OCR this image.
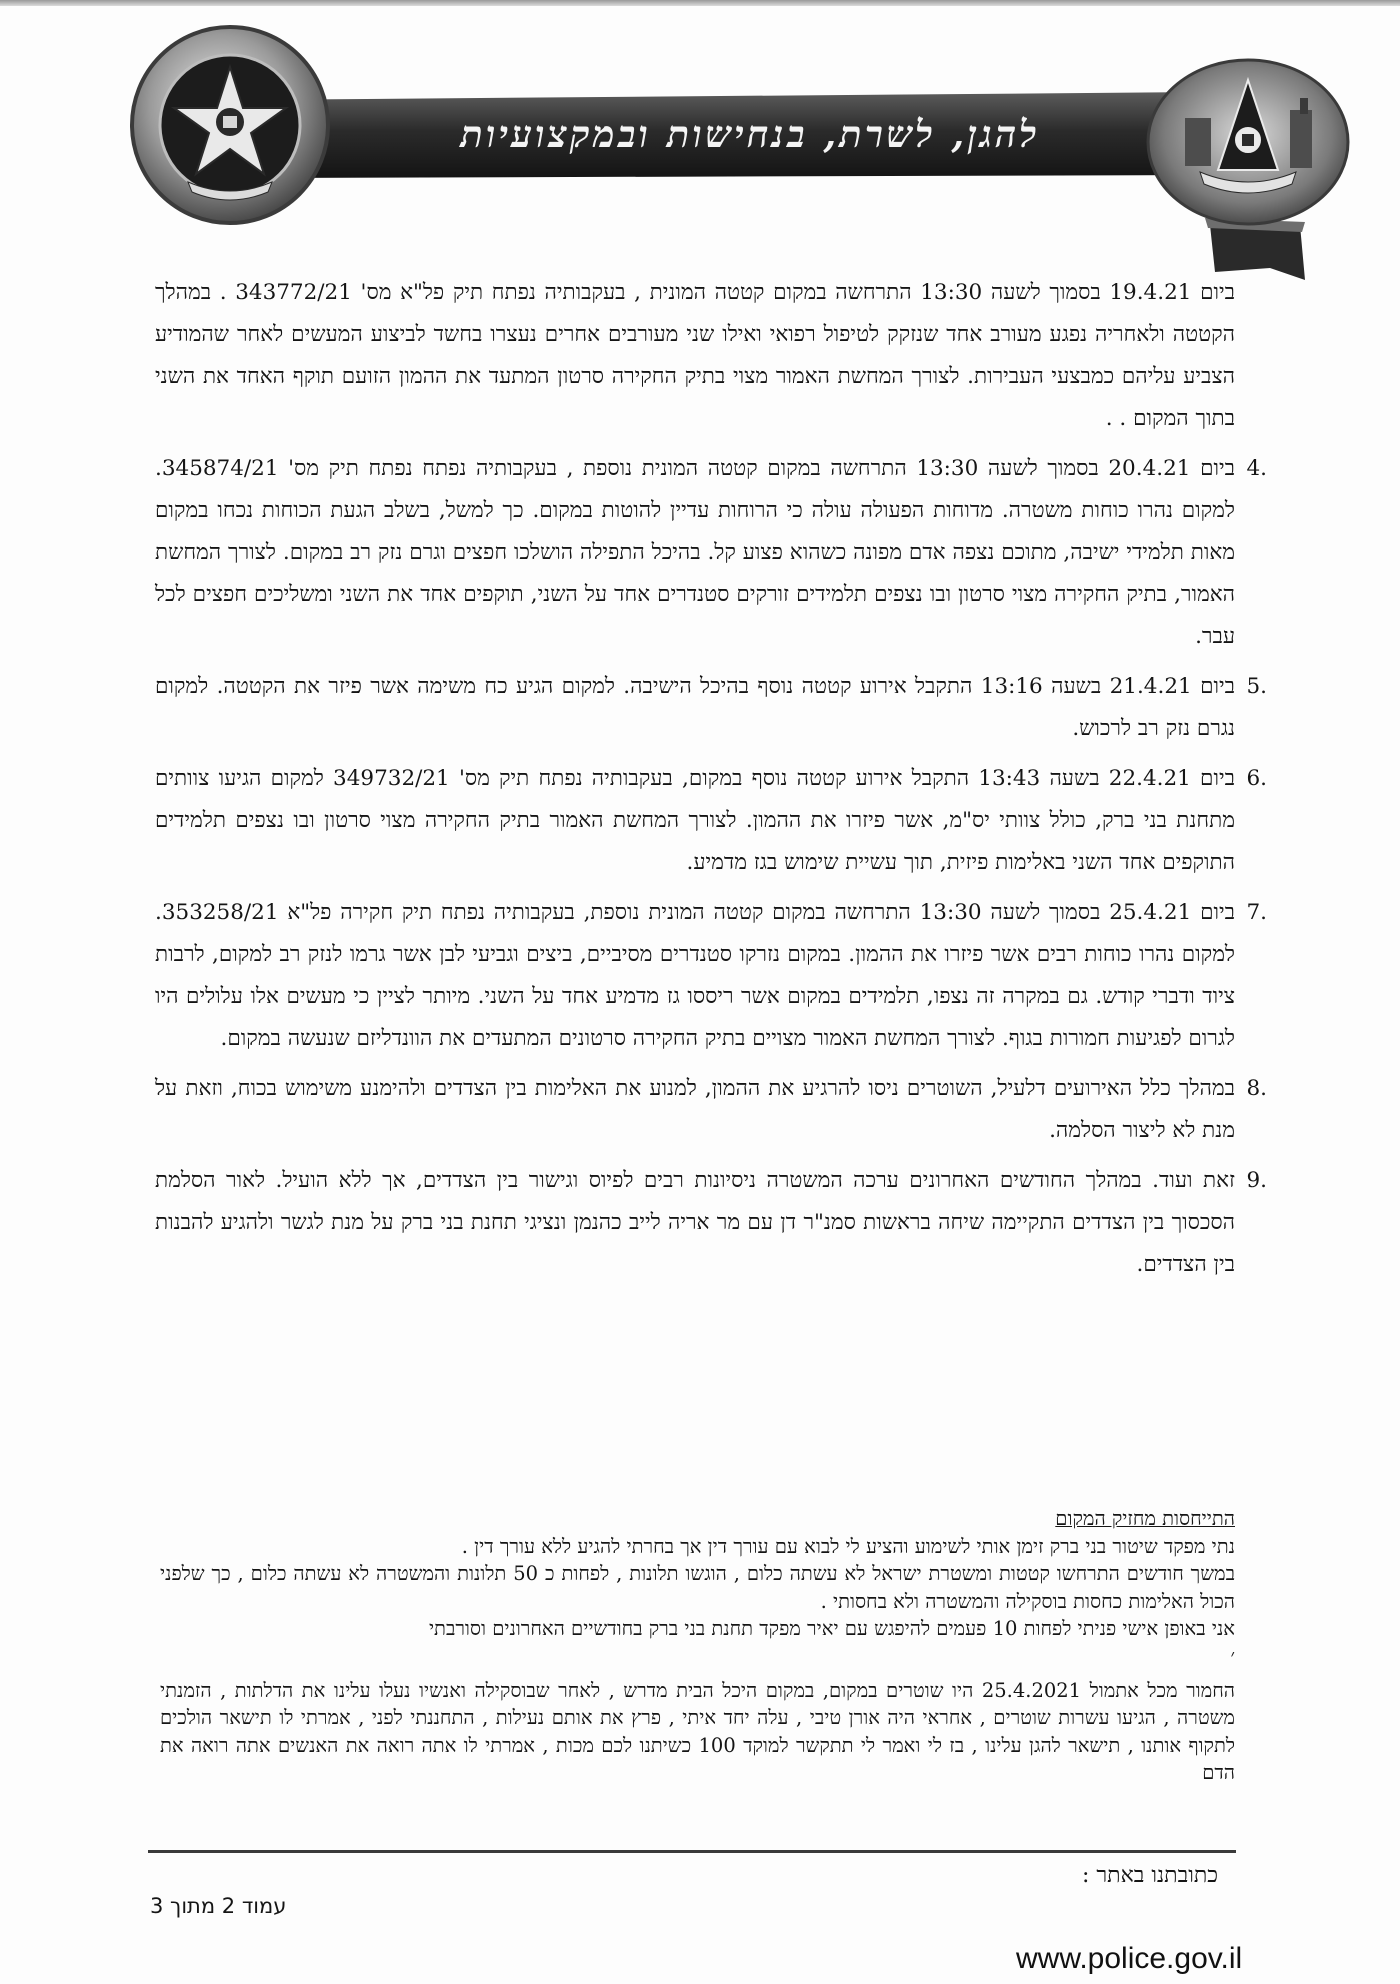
להגן, לשרת, בנחישות ובמקצועיות

ביום 19.4.21 בסמוך לשעה 13:30 התרחשה במקום קטטה המונית , בעקבותיה נפתח תיק פל"א מס' 343772/21 . במהלך הקטטה ולאחריה נפגע מעורב אחד שנזקק לטיפול רפואי ואילו שני מעורבים אחרים נעצרו בחשד לביצוע המעשים לאחר שהמודיע הצביע עליהם כמבצעי העבירות. לצורך המחשת האמור מצוי בתיק החקירה סרטון המתעד את ההמון הזועם תוקף האחד את השני בתוך המקום . .

4.
ביום 20.4.21 בסמוך לשעה 13:30 התרחשה במקום קטטה המונית נוספת , בעקבותיה נפתח נפתח תיק מס' 345874/21. למקום נהרו כוחות משטרה. מדוחות הפעולה עולה כי הרוחות עדיין להוטות במקום. כך למשל, בשלב הגעת הכוחות נכחו במקום מאות תלמידי ישיבה, מתוכם נצפה אדם מפונה כשהוא פצוע קל. בהיכל התפילה הושלכו חפצים וגרם נזק רב במקום. לצורך המחשת האמור, בתיק החקירה מצוי סרטון ובו נצפים תלמידים זורקים סטנדרים אחד על השני, תוקפים אחד את השני ומשליכים חפצים לכל עבר.

5.
ביום 21.4.21 בשעה 13:16 התקבל אירוע קטטה נוסף בהיכל הישיבה. למקום הגיע כח משימה אשר פיזר את הקטטה. למקום נגרם נזק רב לרכוש.

6.
ביום 22.4.21 בשעה 13:43 התקבל אירוע קטטה נוסף במקום, בעקבותיה נפתח תיק מס' 349732/21 למקום הגיעו צוותים מתחנת בני ברק, כולל צוותי יס"מ, אשר פיזרו את ההמון. לצורך המחשת האמור בתיק החקירה מצוי סרטון ובו נצפים תלמידים התוקפים אחד השני באלימות פיזית, תוך עשיית שימוש בגז מדמיע.

7.
ביום 25.4.21 בסמוך לשעה 13:30 התרחשה במקום קטטה המונית נוספת, בעקבותיה נפתח תיק חקירה פל"א 353258/21. למקום נהרו כוחות רבים אשר פיזרו את ההמון. במקום נזרקו סטנדרים מסיביים, ביצים וגביעי לבן אשר גרמו לנזק רב למקום, לרבות ציוד ודברי קודש. גם במקרה זה נצפו, תלמידים במקום אשר ריססו גז מדמיע אחד על השני. מיותר לציין כי מעשים אלו עלולים היו לגרום לפגיעות חמורות בגוף. לצורך המחשת האמור מצויים בתיק החקירה סרטונים המתעדים את הוונדליזם שנעשה במקום.

8.
במהלך כלל האירועים דלעיל, השוטרים ניסו להרגיע את ההמון, למנוע את האלימות בין הצדדים ולהימנע משימוש בכוח, וזאת על מנת לא ליצור הסלמה.

9.
זאת ועוד. במהלך החודשים האחרונים ערכה המשטרה ניסיונות רבים לפיוס וגישור בין הצדדים, אך ללא הועיל. לאור הסלמת הסכסוך בין הצדדים התקיימה שיחה בראשות סמנ"ר דן עם מר אריה לייב כהנמן ונציגי תחנת בני ברק על מנת לגשר ולהגיע להבנות בין הצדדים.

התייחסות מחזיק המקום

נתי מפקד שיטור בני ברק זימן אותי לשימוע והציע לי לבוא עם עורך דין אך בחרתי להגיע ללא עורך דין .

במשך חודשים התרחשו קטטות ומשטרת ישראל לא עשתה כלום , הוגשו תלונות , לפחות כ 50 תלונות והמשטרה לא עשתה כלום , כך שלפני הכול האלימות כחסות בוסקילה והמשטרה ולא בחסותי .

אני באופן אישי פניתי לפחות 10 פעמים להיפגש עם יאיר מפקד תחנת בני ברק בחודשיים האחרונים וסורבתי

׳

החמור מכל אתמול 25.4.2021 היו שוטרים במקום, במקום היכל הבית מדרש , לאחר שבוסקילה ואנשיו נעלו עלינו את הדלתות , הזמנתי משטרה , הגיעו עשרות שוטרים , אחראי היה אורן טיבי , עלה יחד איתי , פרץ את אותם נעילות , התחננתי לפני , אמרתי לו תישאר הולכים לתקוף אותנו , תישאר להגן עלינו , בז לי ואמר לי תתקשר למוקד 100 כשיתנו לכם מכות , אמרתי לו אתה רואה את האנשים אתה רואה את הדם

כתובתנו באתר :
עמוד 2 מתוך 3
www.police.gov.il
